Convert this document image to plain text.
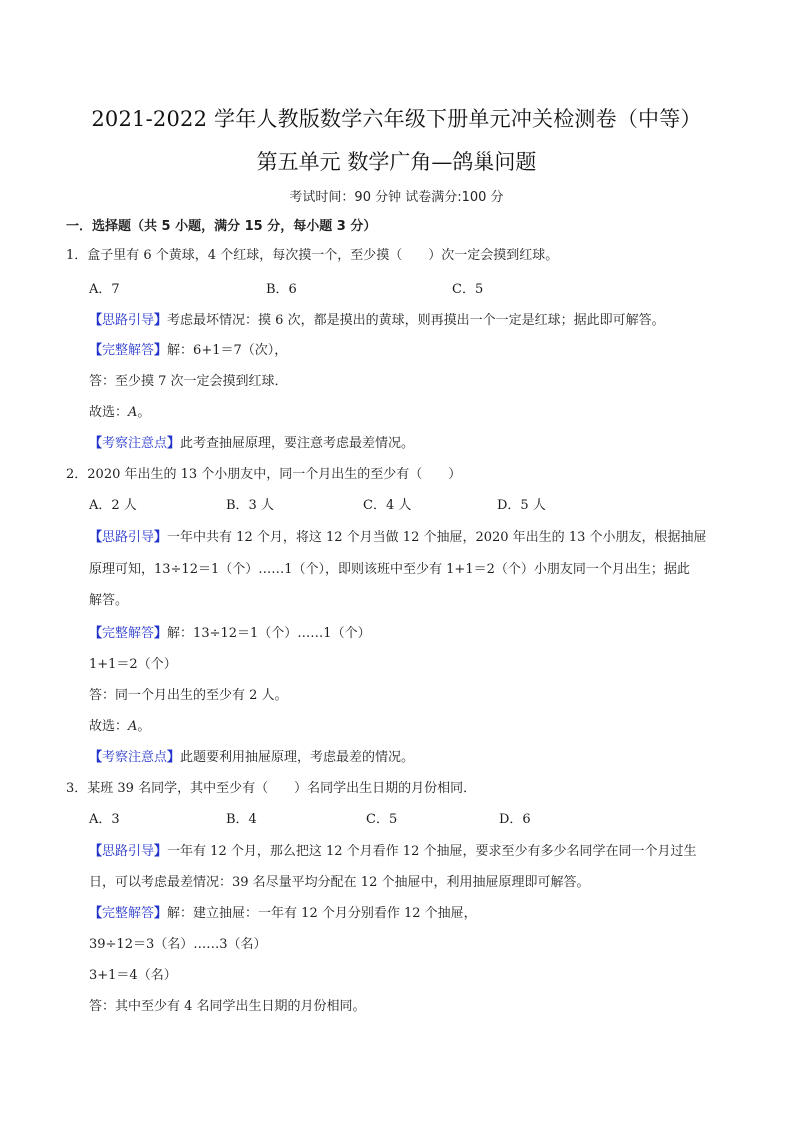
2021-2022 学年人教版数学六年级下册单元冲关检测卷（中等）
第五单元 数学广角—鸽巢问题
考试时间：90 分钟 试卷满分:100 分
一．选择题（共 5 小题，满分 15 分，每小题 3 分）
1．盒子里有 6 个黄球，4 个红球，每次摸一个，至少摸（　　）次一定会摸到红球。
A．7	B．6	C．5
【思路引导】考虑最坏情况：摸 6 次，都是摸出的黄球，则再摸出一个一定是红球；据此即可解答。
【完整解答】解：6+1＝7（次），
答：至少摸 7 次一定会摸到红球．
故选：A。
【考察注意点】此考查抽屉原理，要注意考虑最差情况。
2．2020 年出生的 13 个小朋友中，同一个月出生的至少有（　　）
A．2 人	B．3 人	C．4 人	D．5 人
【思路引导】一年中共有 12 个月，将这 12 个月当做 12 个抽屉，2020 年出生的 13 个小朋友，根据抽屉
原理可知，13÷12＝1（个）……1（个），即则该班中至少有 1+1＝2（个）小朋友同一个月出生；据此
解答。
【完整解答】解：13÷12＝1（个）……1（个）
1+1＝2（个）
答：同一个月出生的至少有 2 人。
故选：A。
【考察注意点】此题要利用抽屉原理，考虑最差的情况。
3．某班 39 名同学，其中至少有（　　）名同学出生日期的月份相同．
A．3	B．4	C．5	D．6
【思路引导】一年有 12 个月，那么把这 12 个月看作 12 个抽屉，要求至少有多少名同学在同一个月过生
日，可以考虑最差情况：39 名尽量平均分配在 12 个抽屉中，利用抽屉原理即可解答。
【完整解答】解：建立抽屉：一年有 12 个月分别看作 12 个抽屉，
39÷12＝3（名）……3（名）
3+1＝4（名）
答：其中至少有 4 名同学出生日期的月份相同。
